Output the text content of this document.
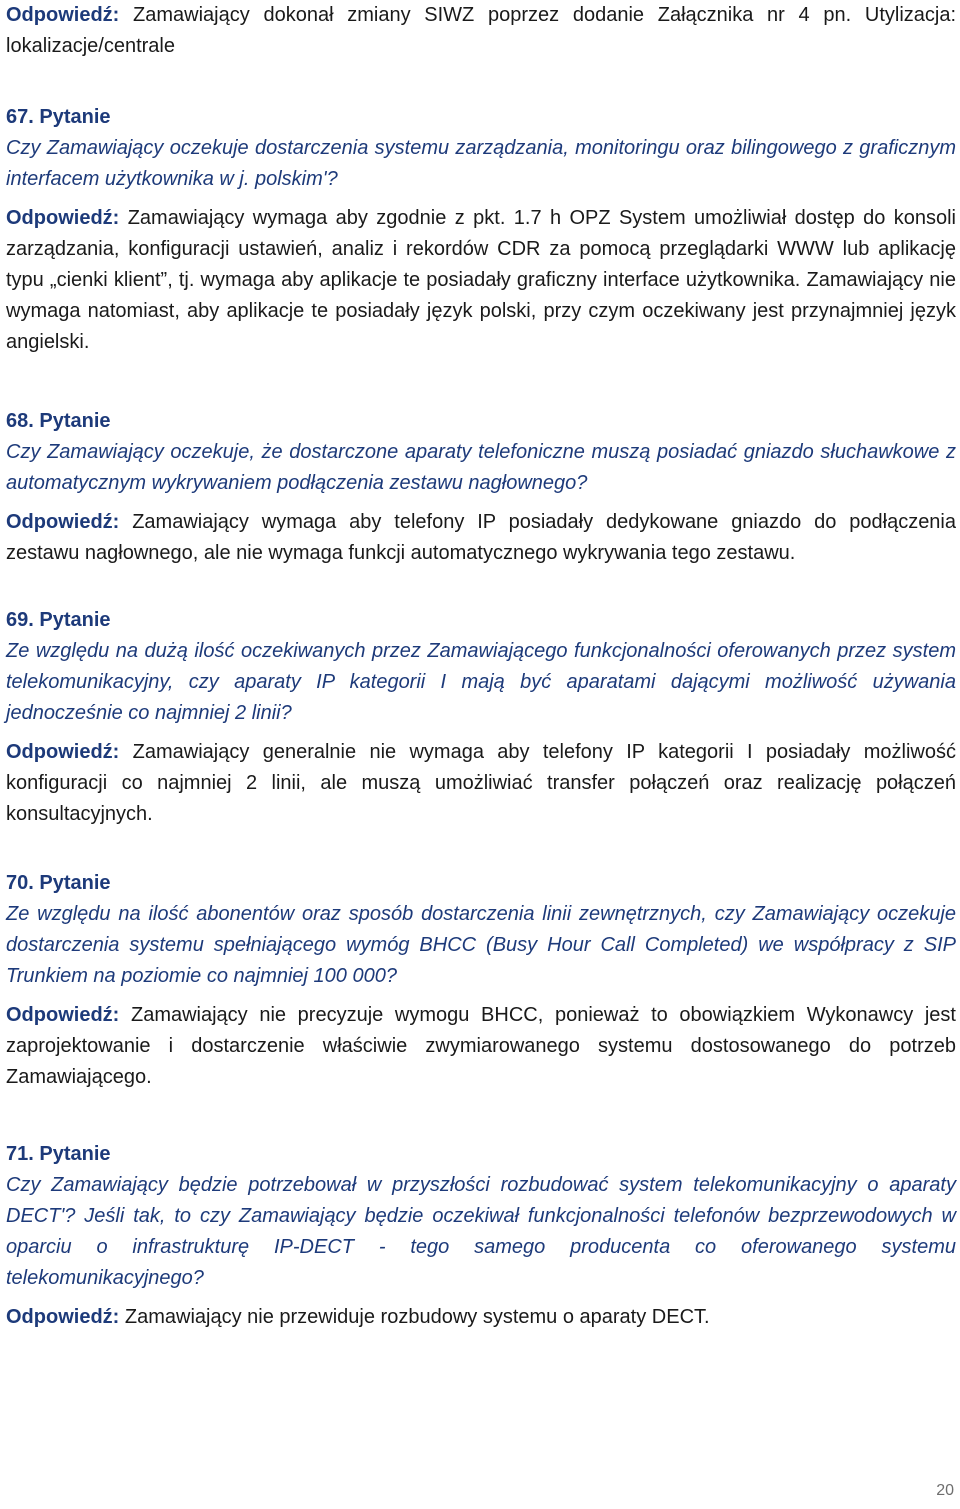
Odpowiedź: Zamawiający dokonał zmiany SIWZ poprzez dodanie Załącznika nr 4 pn. Utylizacja: lokalizacje/centrale

67. Pytanie

Czy Zamawiający oczekuje dostarczenia systemu zarządzania, monitoringu oraz bilingowego z graficznym interfacem użytkownika w j. polskim'?

Odpowiedź: Zamawiający wymaga aby zgodnie z pkt. 1.7 h OPZ System umożliwiał dostęp do konsoli zarządzania, konfiguracji ustawień, analiz i rekordów CDR za pomocą przeglądarki WWW lub aplikację typu „cienki klient”, tj. wymaga aby aplikacje te posiadały graficzny interface użytkownika. Zamawiający nie wymaga natomiast, aby aplikacje te posiadały język polski, przy czym oczekiwany jest przynajmniej język angielski.

68. Pytanie

Czy Zamawiający oczekuje, że dostarczone aparaty telefoniczne muszą posiadać gniazdo słuchawkowe z automatycznym wykrywaniem podłączenia zestawu nagłownego?

Odpowiedź: Zamawiający wymaga aby telefony IP posiadały dedykowane gniazdo do podłączenia zestawu nagłownego, ale nie wymaga funkcji automatycznego wykrywania tego zestawu.

69. Pytanie

Ze względu na dużą ilość oczekiwanych przez Zamawiającego funkcjonalności oferowanych przez system telekomunikacyjny, czy aparaty IP kategorii I mają być aparatami dającymi możliwość używania jednocześnie co najmniej 2 linii?

Odpowiedź: Zamawiający generalnie nie wymaga aby telefony IP kategorii I posiadały możliwość konfiguracji co najmniej 2 linii, ale muszą umożliwiać transfer połączeń oraz realizację połączeń konsultacyjnych.

70. Pytanie

Ze względu na ilość abonentów oraz sposób dostarczenia linii zewnętrznych, czy Zamawiający oczekuje dostarczenia systemu spełniającego wymóg BHCC (Busy Hour Call Completed) we współpracy z SIP Trunkiem na poziomie co najmniej 100 000?

Odpowiedź: Zamawiający nie precyzuje wymogu BHCC, ponieważ to obowiązkiem Wykonawcy jest zaprojektowanie i dostarczenie właściwie zwymiarowanego systemu dostosowanego do potrzeb Zamawiającego.

71. Pytanie

Czy Zamawiający będzie potrzebował w przyszłości rozbudować system telekomunikacyjny o aparaty DECT'? Jeśli tak, to czy Zamawiający będzie oczekiwał funkcjonalności telefonów bezprzewodowych w oparciu o infrastrukturę IP-DECT - tego samego producenta co oferowanego systemu telekomunikacyjnego?

Odpowiedź: Zamawiający nie przewiduje rozbudowy systemu o aparaty DECT.

20
